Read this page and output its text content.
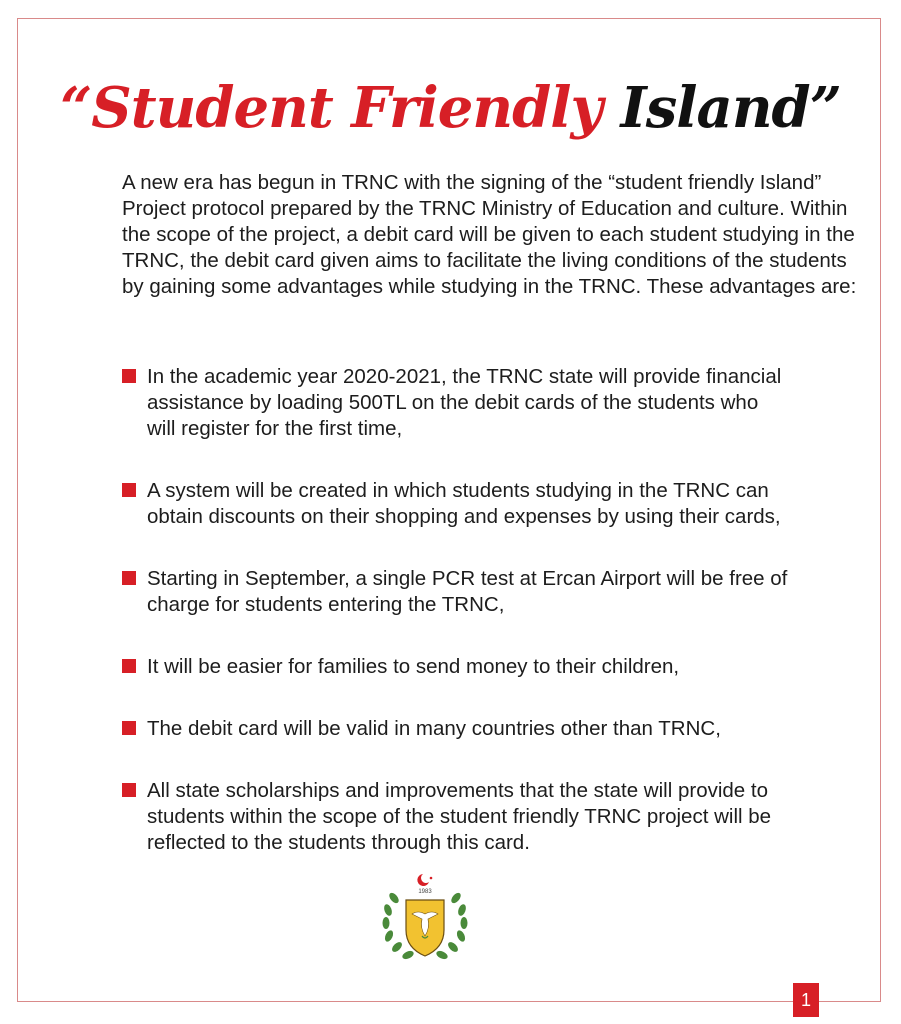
“Student Friendly Island”

A new era has begun in TRNC with the signing of the “student friendly Island” Project protocol prepared by the TRNC Ministry of Education and culture. Within the scope of the project, a debit card will be given to each student studying in the TRNC, the debit card given aims to facilitate the living conditions of the students by gaining some advantages while studying in the TRNC. These advantages are:

In the academic year 2020-2021, the TRNC state will provide financial assistance by loading 500TL on the debit cards of the students who will register for the first time,
A system will be created in which students studying in the TRNC can obtain discounts on their shopping and expenses by using their cards,
Starting in September, a single PCR test at Ercan Airport will be free of charge for students entering the TRNC,
It will be easier for families to send money to their children,
The debit card will be valid in many countries other than TRNC,
All state scholarships and improvements that the state will provide to students within the scope of the student friendly TRNC project will be reflected to the students through this card.
1983
1
